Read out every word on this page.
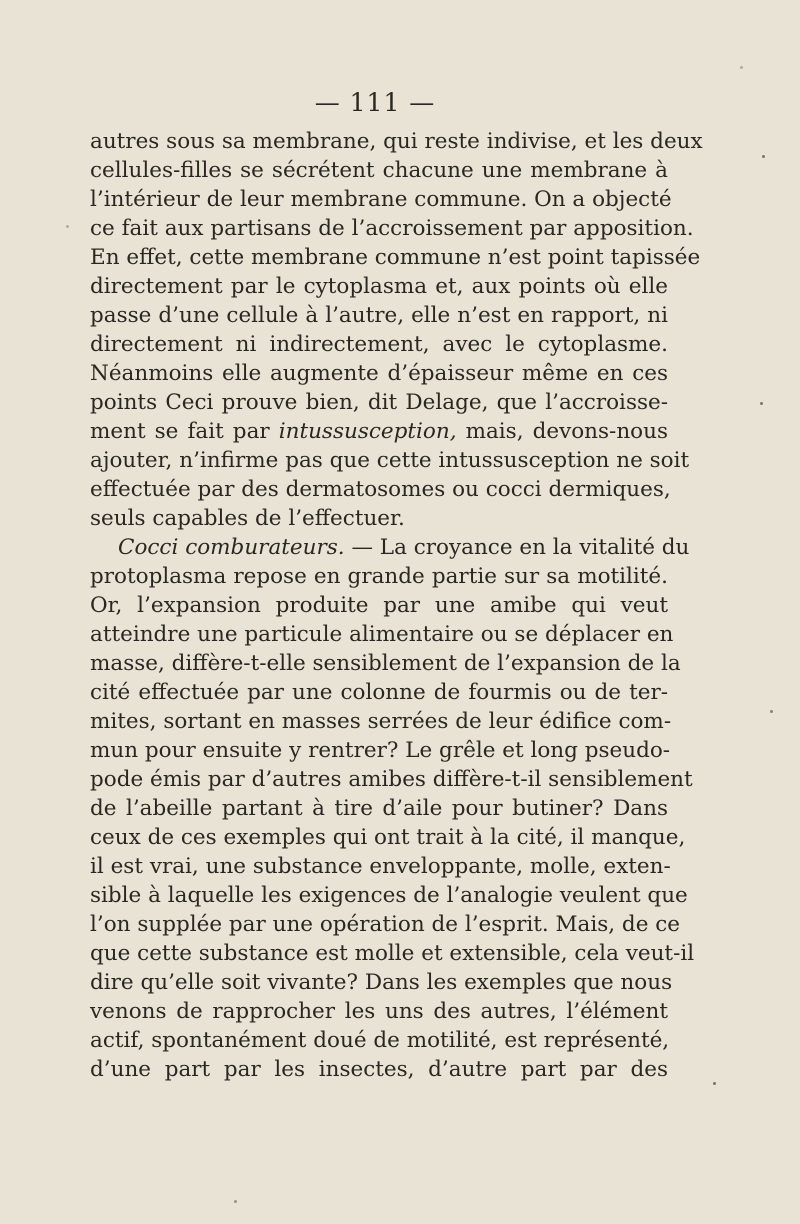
— 111 —
autres sous sa membrane, qui reste indivise, et les deux
cellules-filles se sécrétent chacune une membrane à
l’intérieur de leur membrane commune. On a objecté
ce fait aux partisans de l’accroissement par apposition.
En effet, cette membrane commune n’est point tapissée
directement par le cytoplasma et, aux points où elle
passe d’une cellule à l’autre, elle n’est en rapport, ni
directement ni indirectement, avec le cytoplasme.
Néanmoins elle augmente d’épaisseur même en ces
points Ceci prouve bien, dit Delage, que l’accroisse-
ment se fait par intussusception, mais, devons-nous
ajouter, n’infirme pas que cette intussusception ne soit
effectuée par des dermatosomes ou cocci dermiques,
seuls capables de l’effectuer.
Cocci comburateurs. — La croyance en la vitalité du
protoplasma repose en grande partie sur sa motilité.
Or, l’expansion produite par une amibe qui veut
atteindre une particule alimentaire ou se déplacer en
masse, diffère-t-elle sensiblement de l’expansion de la
cité effectuée par une colonne de fourmis ou de ter-
mites, sortant en masses serrées de leur édifice com-
mun pour ensuite y rentrer? Le grêle et long pseudo-
pode émis par d’autres amibes diffère-t-il sensiblement
de l’abeille partant à tire d’aile pour butiner? Dans
ceux de ces exemples qui ont trait à la cité, il manque,
il est vrai, une substance enveloppante, molle, exten-
sible à laquelle les exigences de l’analogie veulent que
l’on supplée par une opération de l’esprit. Mais, de ce
que cette substance est molle et extensible, cela veut-il
dire qu’elle soit vivante? Dans les exemples que nous
venons de rapprocher les uns des autres, l’élément
actif, spontanément doué de motilité, est représenté,
d’une part par les insectes, d’autre part par des
